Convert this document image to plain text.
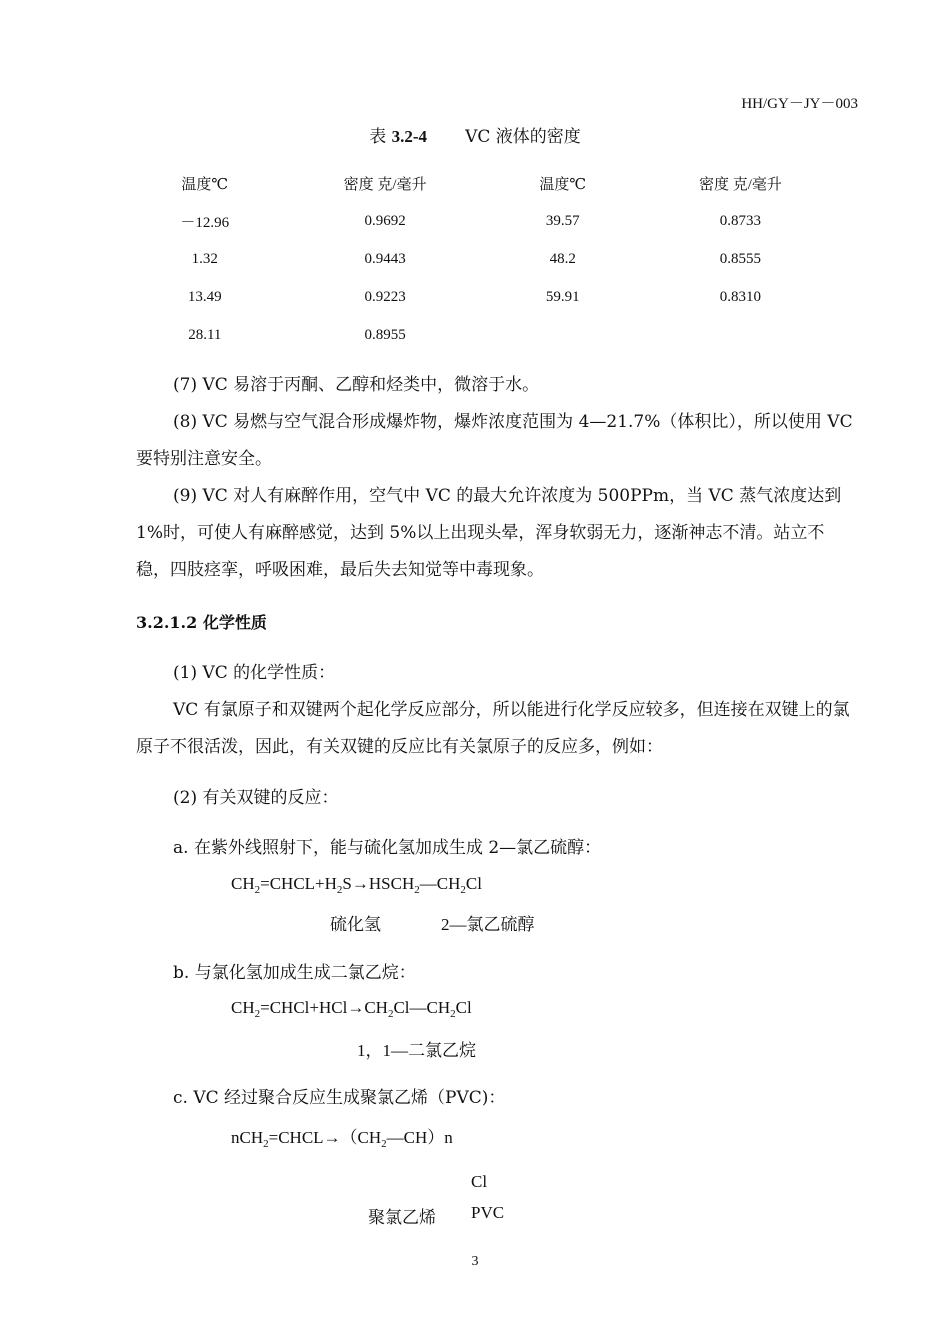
HH/GY－JY－003
表 3.2-4 VC 液体的密度
温度℃	密度 克/毫升	温度℃	密度 克/毫升
－12.96	0.9692	39.57	0.8733
1.32	0.9443	48.2	0.8555
13.49	0.9223	59.91	0.8310
28.11	0.8955		
(7) VC 易溶于丙酮、乙醇和烃类中，微溶于水。
(8) VC 易燃与空气混合形成爆炸物，爆炸浓度范围为 4—21.7%（体积比），所以使用 VC 要特别注意安全。
(9) VC 对人有麻醉作用，空气中 VC 的最大允许浓度为 500PPm，当 VC 蒸气浓度达到 1%时，可使人有麻醉感觉，达到 5%以上出现头晕，浑身软弱无力，逐渐神志不清。站立不稳，四肢痉挛，呼吸困难，最后失去知觉等中毒现象。
3.2.1.2 化学性质
(1) VC 的化学性质：
VC 有氯原子和双键两个起化学反应部分，所以能进行化学反应较多，但连接在双键上的氯原子不很活泼，因此，有关双键的反应比有关氯原子的反应多，例如：
(2) 有关双键的反应：
a. 在紫外线照射下，能与硫化氢加成生成 2—氯乙硫醇：
$CH_2=CHCL+H_2S\to HSCH_2—CH_2Cl$
硫化氢	2—氯乙硫醇
b. 与氯化氢加成生成二氯乙烷：
$CH_2=CHCl+HCl\to CH_2Cl—CH_2Cl$
1，1—二氯乙烷
c. VC 经过聚合反应生成聚氯乙烯（PVC)：
$nCH_2=CHCL\to(CH_2—CH)n$
Cl
聚氯乙烯 PVC
3
